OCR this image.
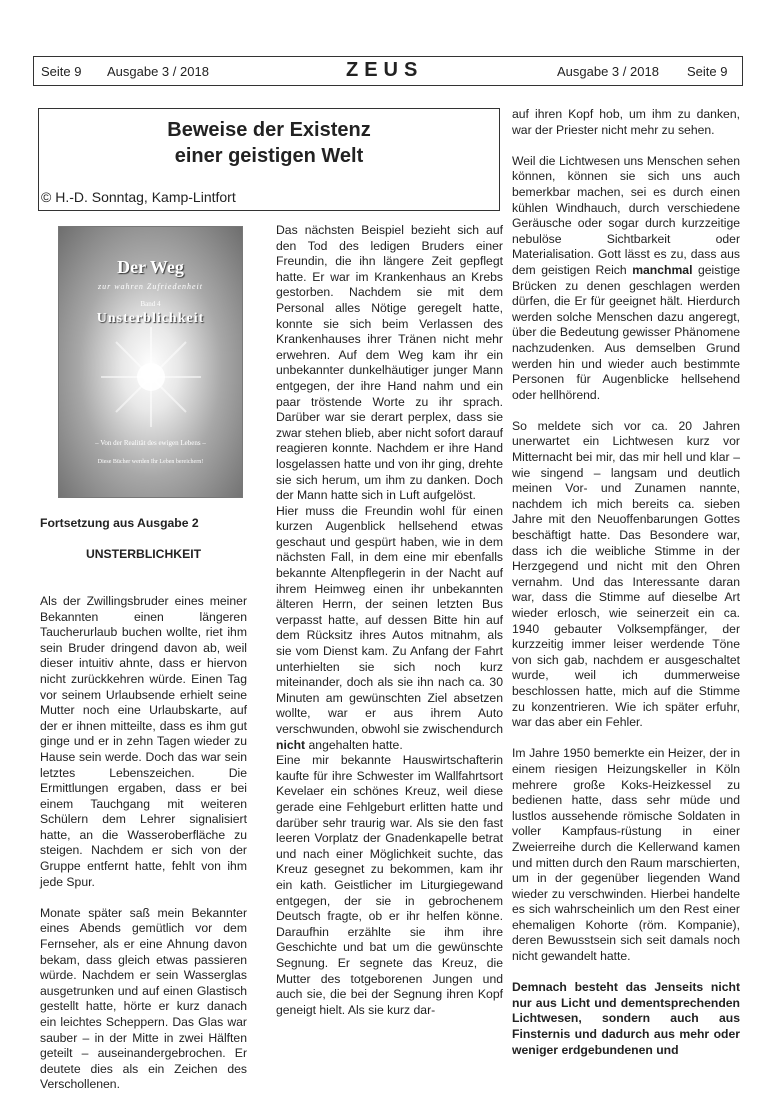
Seite 9 Ausgabe 3 / 2018	ZEUS	Ausgabe 3 / 2018 Seite 9
Beweise der Existenz
einer geistigen Welt
© H.-D. Sonntag, Kamp-Lintfort
Der Weg
zur wahren Zufriedenheit
Band 4
Unsterblichkeit
– Von der Realität des ewigen Lebens –
Diese Bücher werden Ihr Leben bereichern!

Fortsetzung aus Ausgabe 2

UNSTERBLICHKEIT

Als der Zwillingsbruder eines meiner Bekannten einen längeren Taucherurlaub buchen wollte, riet ihm sein Bruder dringend davon ab, weil dieser intuitiv ahnte, dass er hiervon nicht zurückkehren würde. Einen Tag vor seinem Urlaubsende erhielt seine Mutter noch eine Urlaubskarte, auf der er ihnen mitteilte, dass es ihm gut ginge und er in zehn Tagen wieder zu Hause sein werde. Doch das war sein letztes Lebenszeichen. Die Ermittlungen ergaben, dass er bei einem Tauchgang mit weiteren Schülern dem Lehrer signalisiert hatte, an die Wasseroberfläche zu steigen. Nachdem er sich von der Gruppe entfernt hatte, fehlt von ihm jede Spur.

Monate später saß mein Bekannter eines Abends gemütlich vor dem Fernseher, als er eine Ahnung davon bekam, dass gleich etwas passieren würde. Nachdem er sein Wasserglas ausgetrunken und auf einen Glastisch gestellt hatte, hörte er kurz danach ein leichtes Scheppern. Das Glas war sauber – in der Mitte in zwei Hälften geteilt – auseinandergebrochen. Er deutete dies als ein Zeichen des Verschollenen.

Das nächsten Beispiel bezieht sich auf den Tod des ledigen Bruders einer Freundin, die ihn längere Zeit gepflegt hatte. Er war im Krankenhaus an Krebs gestorben. Nachdem sie mit dem Personal alles Nötige geregelt hatte, konnte sie sich beim Verlassen des Krankenhauses ihrer Tränen nicht mehr erwehren. Auf dem Weg kam ihr ein unbekannter dunkelhäutiger junger Mann entgegen, der ihre Hand nahm und ein paar tröstende Worte zu ihr sprach. Darüber war sie derart perplex, dass sie zwar stehen blieb, aber nicht sofort darauf reagieren konnte. Nachdem er ihre Hand losgelassen hatte und von ihr ging, drehte sie sich herum, um ihm zu danken. Doch der Mann hatte sich in Luft aufgelöst.

Hier muss die Freundin wohl für einen kurzen Augenblick hellsehend etwas geschaut und gespürt haben, wie in dem nächsten Fall, in dem eine mir ebenfalls bekannte Altenpflegerin in der Nacht auf ihrem Heimweg einen ihr unbekannten älteren Herrn, der seinen letzten Bus verpasst hatte, auf dessen Bitte hin auf dem Rücksitz ihres Autos mitnahm, als sie vom Dienst kam. Zu Anfang der Fahrt unterhielten sie sich noch kurz miteinander, doch als sie ihn nach ca. 30 Minuten am gewünschten Ziel absetzen wollte, war er aus ihrem Auto verschwunden, obwohl sie zwischendurch nicht angehalten hatte.

Eine mir bekannte Hauswirtschafterin kaufte für ihre Schwester im Wallfahrtsort Kevelaer ein schönes Kreuz, weil diese gerade eine Fehlgeburt erlitten hatte und darüber sehr traurig war. Als sie den fast leeren Vorplatz der Gnadenkapelle betrat und nach einer Möglichkeit suchte, das Kreuz gesegnet zu bekommen, kam ihr ein kath. Geistlicher im Liturgiegewand entgegen, der sie in gebrochenem Deutsch fragte, ob er ihr helfen könne. Daraufhin erzählte sie ihm ihre Geschichte und bat um die gewünschte Segnung. Er segnete das Kreuz, die Mutter des totgeborenen Jungen und auch sie, die bei der Segnung ihren Kopf geneigt hielt. Als sie kurz dar-

auf ihren Kopf hob, um ihm zu danken, war der Priester nicht mehr zu sehen.

Weil die Lichtwesen uns Menschen sehen können, können sie sich uns auch bemerkbar machen, sei es durch einen kühlen Windhauch, durch verschiedene Geräusche oder sogar durch kurzzeitige nebulöse Sichtbarkeit oder Materialisation. Gott lässt es zu, dass aus dem geistigen Reich manchmal geistige Brücken zu denen geschlagen werden dürfen, die Er für geeignet hält. Hierdurch werden solche Menschen dazu angeregt, über die Bedeutung gewisser Phänomene nachzudenken. Aus demselben Grund werden hin und wieder auch bestimmte Personen für Augenblicke hellsehend oder hellhörend.

So meldete sich vor ca. 20 Jahren unerwartet ein Lichtwesen kurz vor Mitternacht bei mir, das mir hell und klar – wie singend – langsam und deutlich meinen Vor- und Zunamen nannte, nachdem ich mich bereits ca. sieben Jahre mit den Neuoffenbarungen Gottes beschäftigt hatte. Das Besondere war, dass ich die weibliche Stimme in der Herzgegend und nicht mit den Ohren vernahm. Und das Interessante daran war, dass die Stimme auf dieselbe Art wieder erlosch, wie seinerzeit ein ca. 1940 gebauter Volksempfänger, der kurzzeitig immer leiser werdende Töne von sich gab, nachdem er ausgeschaltet wurde, weil ich dummerweise beschlossen hatte, mich auf die Stimme zu konzentrieren. Wie ich später erfuhr, war das aber ein Fehler.

Im Jahre 1950 bemerkte ein Heizer, der in einem riesigen Heizungskeller in Köln mehrere große Koks-Heizkessel zu bedienen hatte, dass sehr müde und lustlos aussehende römische Soldaten in voller Kampfaus-rüstung in einer Zweierreihe durch die Kellerwand kamen und mitten durch den Raum marschierten, um in der gegenüber liegenden Wand wieder zu verschwinden. Hierbei handelte es sich wahrscheinlich um den Rest einer ehemaligen Kohorte (röm. Kompanie), deren Bewusstsein sich seit damals noch nicht gewandelt hatte.

Demnach besteht das Jenseits nicht nur aus Licht und dementsprechenden Lichtwesen, sondern auch aus Finsternis und dadurch aus mehr oder weniger erdgebundenen und
